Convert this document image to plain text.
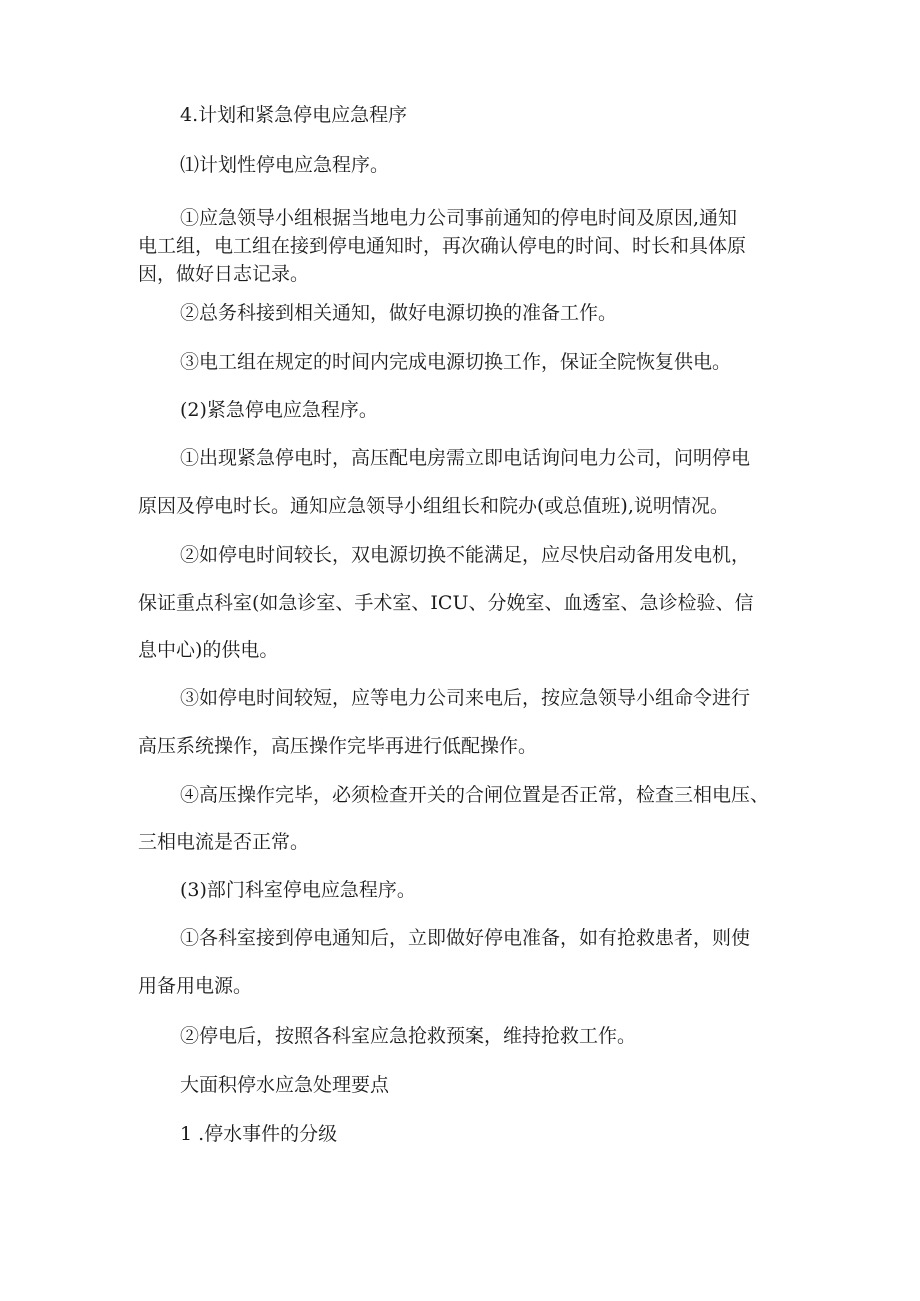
4.计划和紧急停电应急程序

⑴计划性停电应急程序。

①应急领导小组根据当地电力公司事前通知的停电时间及原因,通知

电工组，电工组在接到停电通知时，再次确认停电的时间、时长和具体原

因，做好日志记录。

②总务科接到相关通知，做好电源切换的准备工作。

③电工组在规定的时间内完成电源切换工作，保证全院恢复供电。

(2)紧急停电应急程序。

①出现紧急停电时，高压配电房需立即电话询问电力公司，问明停电

原因及停电时长。通知应急领导小组组长和院办(或总值班),说明情况。

②如停电时间较长，双电源切换不能满足，应尽快启动备用发电机，

保证重点科室(如急诊室、手术室、ICU、分娩室、血透室、急诊检验、信

息中心)的供电。

③如停电时间较短，应等电力公司来电后，按应急领导小组命令进行

高压系统操作，高压操作完毕再进行低配操作。

④高压操作完毕，必须检查开关的合闸位置是否正常，检查三相电压、

三相电流是否正常。

(3)部门科室停电应急程序。

①各科室接到停电通知后，立即做好停电准备，如有抢救患者，则使

用备用电源。

②停电后，按照各科室应急抢救预案，维持抢救工作。

大面积停水应急处理要点

1 .停水事件的分级
